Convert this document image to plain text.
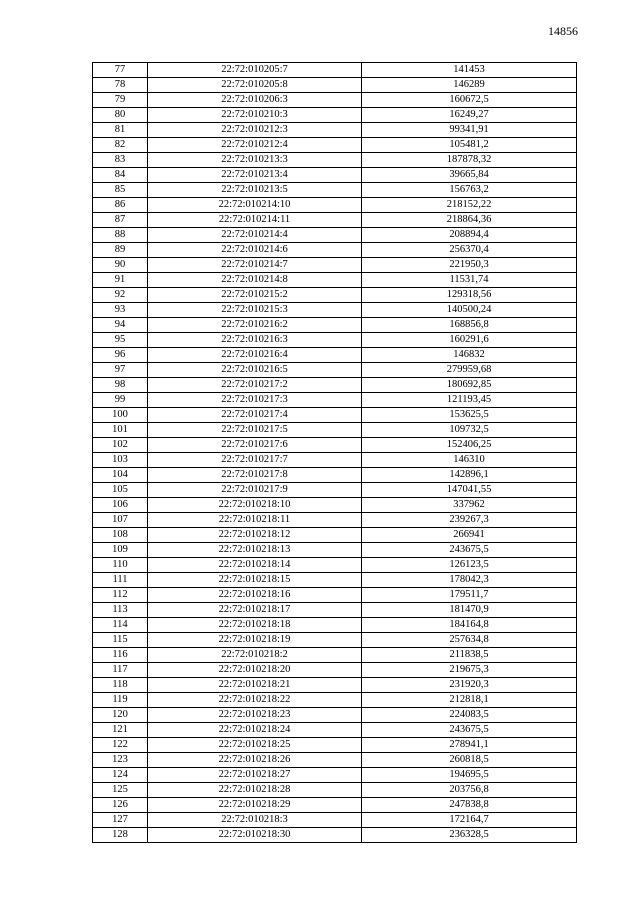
14856
77	22:72:010205:7	141453
78	22:72:010205:8	146289
79	22:72:010206:3	160672,5
80	22:72:010210:3	16249,27
81	22:72:010212:3	99341,91
82	22:72:010212:4	105481,2
83	22:72:010213:3	187878,32
84	22:72:010213:4	39665,84
85	22:72:010213:5	156763,2
86	22:72:010214:10	218152,22
87	22:72:010214:11	218864,36
88	22:72:010214:4	208894,4
89	22:72:010214:6	256370,4
90	22:72:010214:7	221950,3
91	22:72:010214:8	11531,74
92	22:72:010215:2	129318,56
93	22:72:010215:3	140500,24
94	22:72:010216:2	168856,8
95	22:72:010216:3	160291,6
96	22:72:010216:4	146832
97	22:72:010216:5	279959,68
98	22:72:010217:2	180692,85
99	22:72:010217:3	121193,45
100	22:72:010217:4	153625,5
101	22:72:010217:5	109732,5
102	22:72:010217:6	152406,25
103	22:72:010217:7	146310
104	22:72:010217:8	142896,1
105	22:72:010217:9	147041,55
106	22:72:010218:10	337962
107	22:72:010218:11	239267,3
108	22:72:010218:12	266941
109	22:72:010218:13	243675,5
110	22:72:010218:14	126123,5
111	22:72:010218:15	178042,3
112	22:72:010218:16	179511,7
113	22:72:010218:17	181470,9
114	22:72:010218:18	184164,8
115	22:72:010218:19	257634,8
116	22:72:010218:2	211838,5
117	22:72:010218:20	219675,3
118	22:72:010218:21	231920,3
119	22:72:010218:22	212818,1
120	22:72:010218:23	224083,5
121	22:72:010218:24	243675,5
122	22:72:010218:25	278941,1
123	22:72:010218:26	260818,5
124	22:72:010218:27	194695,5
125	22:72:010218:28	203756,8
126	22:72:010218:29	247838,8
127	22:72:010218:3	172164,7
128	22:72:010218:30	236328,5
